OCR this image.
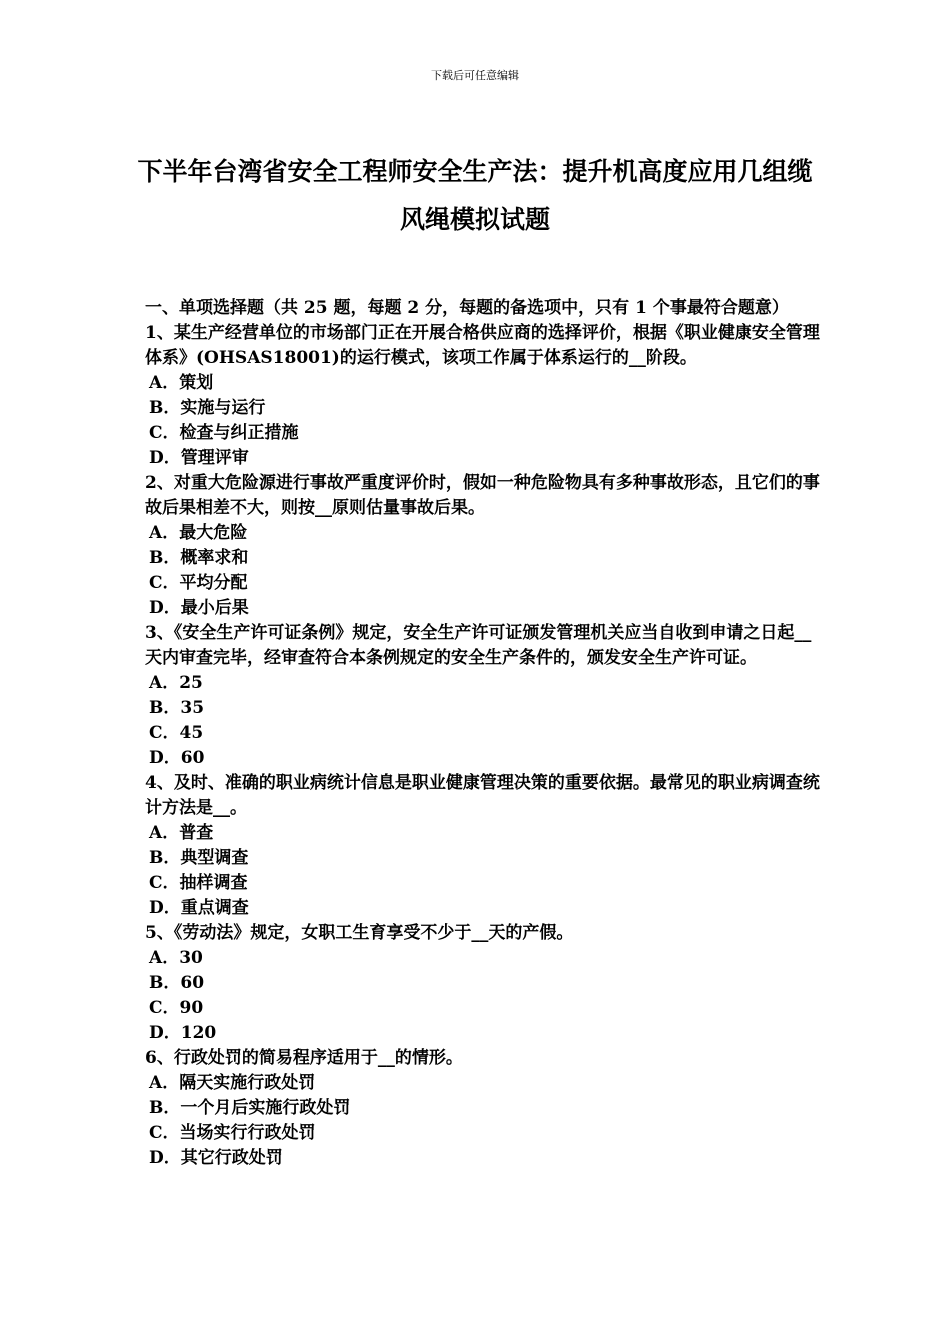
下载后可任意编辑
下半年台湾省安全工程师安全生产法：提升机高度应用几组缆风绳模拟试题
一、单项选择题（共 25 题，每题 2 分，每题的备选项中，只有 1 个事最符合题意）
1、某生产经营单位的市场部门正在开展合格供应商的选择评价，根据《职业健康安全管理体系》(OHSAS18001)的运行模式，该项工作属于体系运行的__阶段。
A．策划
B．实施与运行
C．检查与纠正措施
D．管理评审
2、对重大危险源进行事故严重度评价时，假如一种危险物具有多种事故形态，且它们的事故后果相差不大，则按__原则估量事故后果。
A．最大危险
B．概率求和
C．平均分配
D．最小后果
3、《安全生产许可证条例》规定，安全生产许可证颁发管理机关应当自收到申请之日起__天内审查完毕，经审查符合本条例规定的安全生产条件的，颁发安全生产许可证。
A．25
B．35
C．45
D．60
4、及时、准确的职业病统计信息是职业健康管理决策的重要依据。最常见的职业病调查统计方法是__。
A．普查
B．典型调查
C．抽样调查
D．重点调查
5、《劳动法》规定，女职工生育享受不少于__天的产假。
A．30
B．60
C．90
D．120
6、行政处罚的简易程序适用于__的情形。
A．隔天实施行政处罚
B．一个月后实施行政处罚
C．当场实行行政处罚
D．其它行政处罚
